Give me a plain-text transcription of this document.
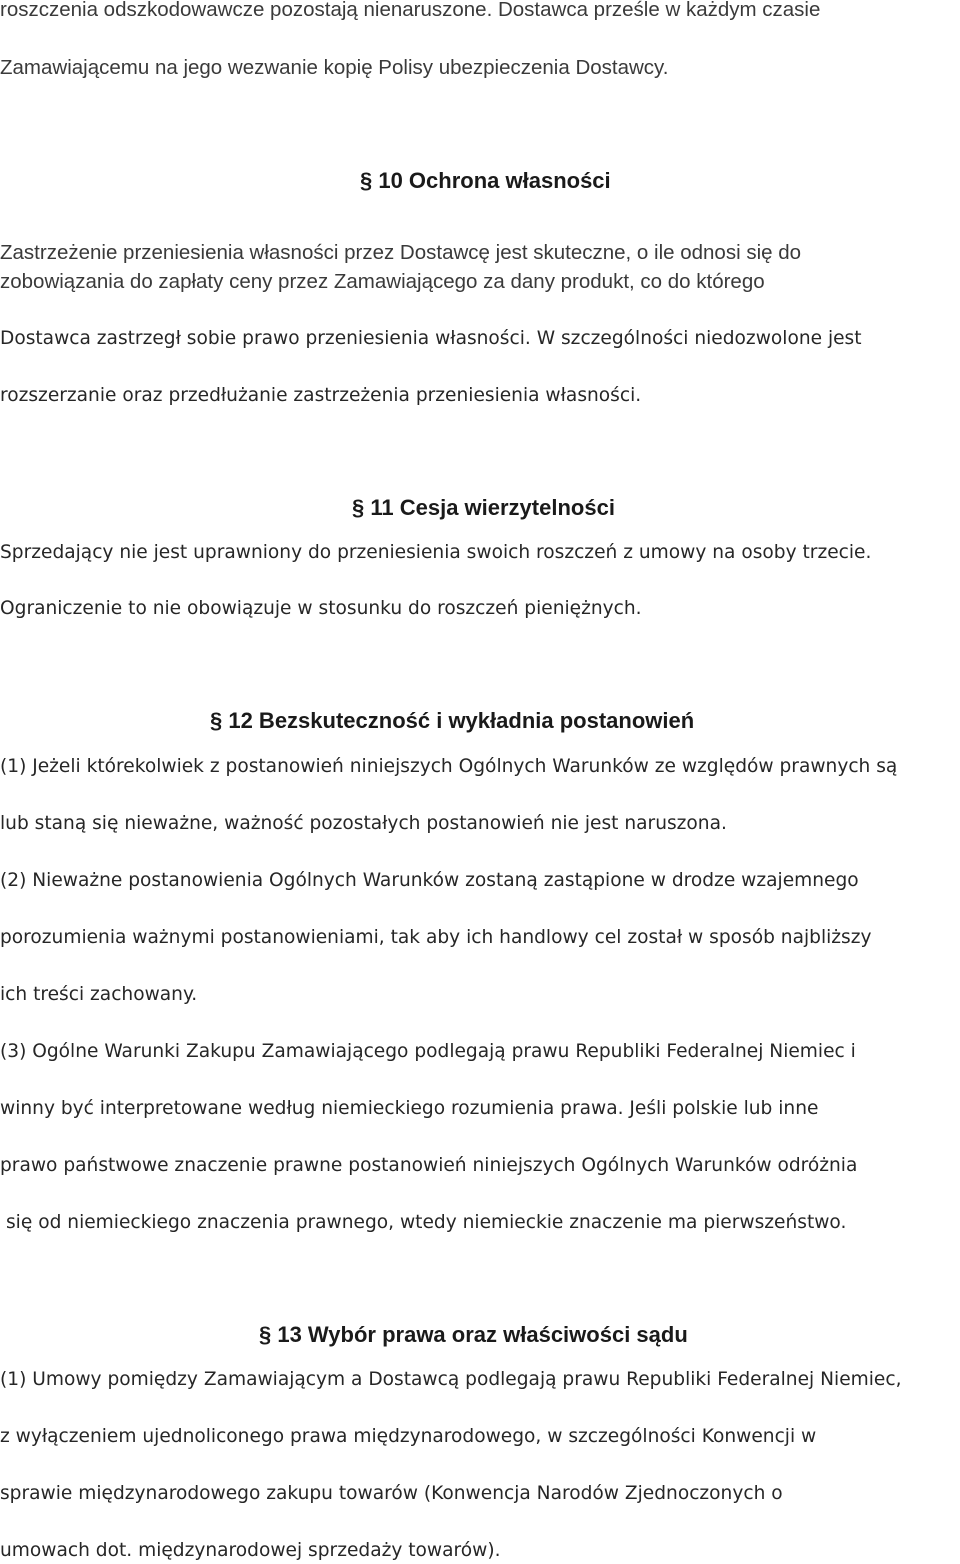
roszczenia odszkodowawcze pozostają nienaruszone. Dostawca prześle w każdym czasie
Zamawiającemu na jego wezwanie kopię Polisy ubezpieczenia Dostawcy.
§ 10 Ochrona własności
Zastrzeżenie przeniesienia własności przez Dostawcę jest skuteczne, o ile odnosi się do
zobowiązania do zapłaty ceny przez Zamawiającego za dany produkt, co do którego
Dostawca zastrzegł sobie prawo przeniesienia własności. W szczególności niedozwolone jest
rozszerzanie oraz przedłużanie zastrzeżenia przeniesienia własności.
§ 11 Cesja wierzytelności
Sprzedający nie jest uprawniony do przeniesienia swoich roszczeń z umowy na osoby trzecie.
Ograniczenie to nie obowiązuje w stosunku do roszczeń pieniężnych.
§ 12 Bezskuteczność i wykładnia postanowień
(1) Jeżeli którekolwiek z postanowień niniejszych Ogólnych Warunków ze względów prawnych są
lub staną się nieważne, ważność pozostałych postanowień nie jest naruszona.
(2) Nieważne postanowienia Ogólnych Warunków zostaną zastąpione w drodze wzajemnego
porozumienia ważnymi postanowieniami, tak aby ich handlowy cel został w sposób najbliższy
ich treści zachowany.
(3) Ogólne Warunki Zakupu Zamawiającego podlegają prawu Republiki Federalnej Niemiec i
winny być interpretowane według niemieckiego rozumienia prawa. Jeśli polskie lub inne
prawo państwowe znaczenie prawne postanowień niniejszych Ogólnych Warunków odróżnia
się od niemieckiego znaczenia prawnego, wtedy niemieckie znaczenie ma pierwszeństwo.
§ 13 Wybór prawa oraz właściwości sądu
(1) Umowy pomiędzy Zamawiającym a Dostawcą podlegają prawu Republiki Federalnej Niemiec,
z wyłączeniem ujednoliconego prawa międzynarodowego, w szczególności Konwencji w
sprawie międzynarodowego zakupu towarów (Konwencja Narodów Zjednoczonych o
umowach dot. międzynarodowej sprzedaży towarów).
